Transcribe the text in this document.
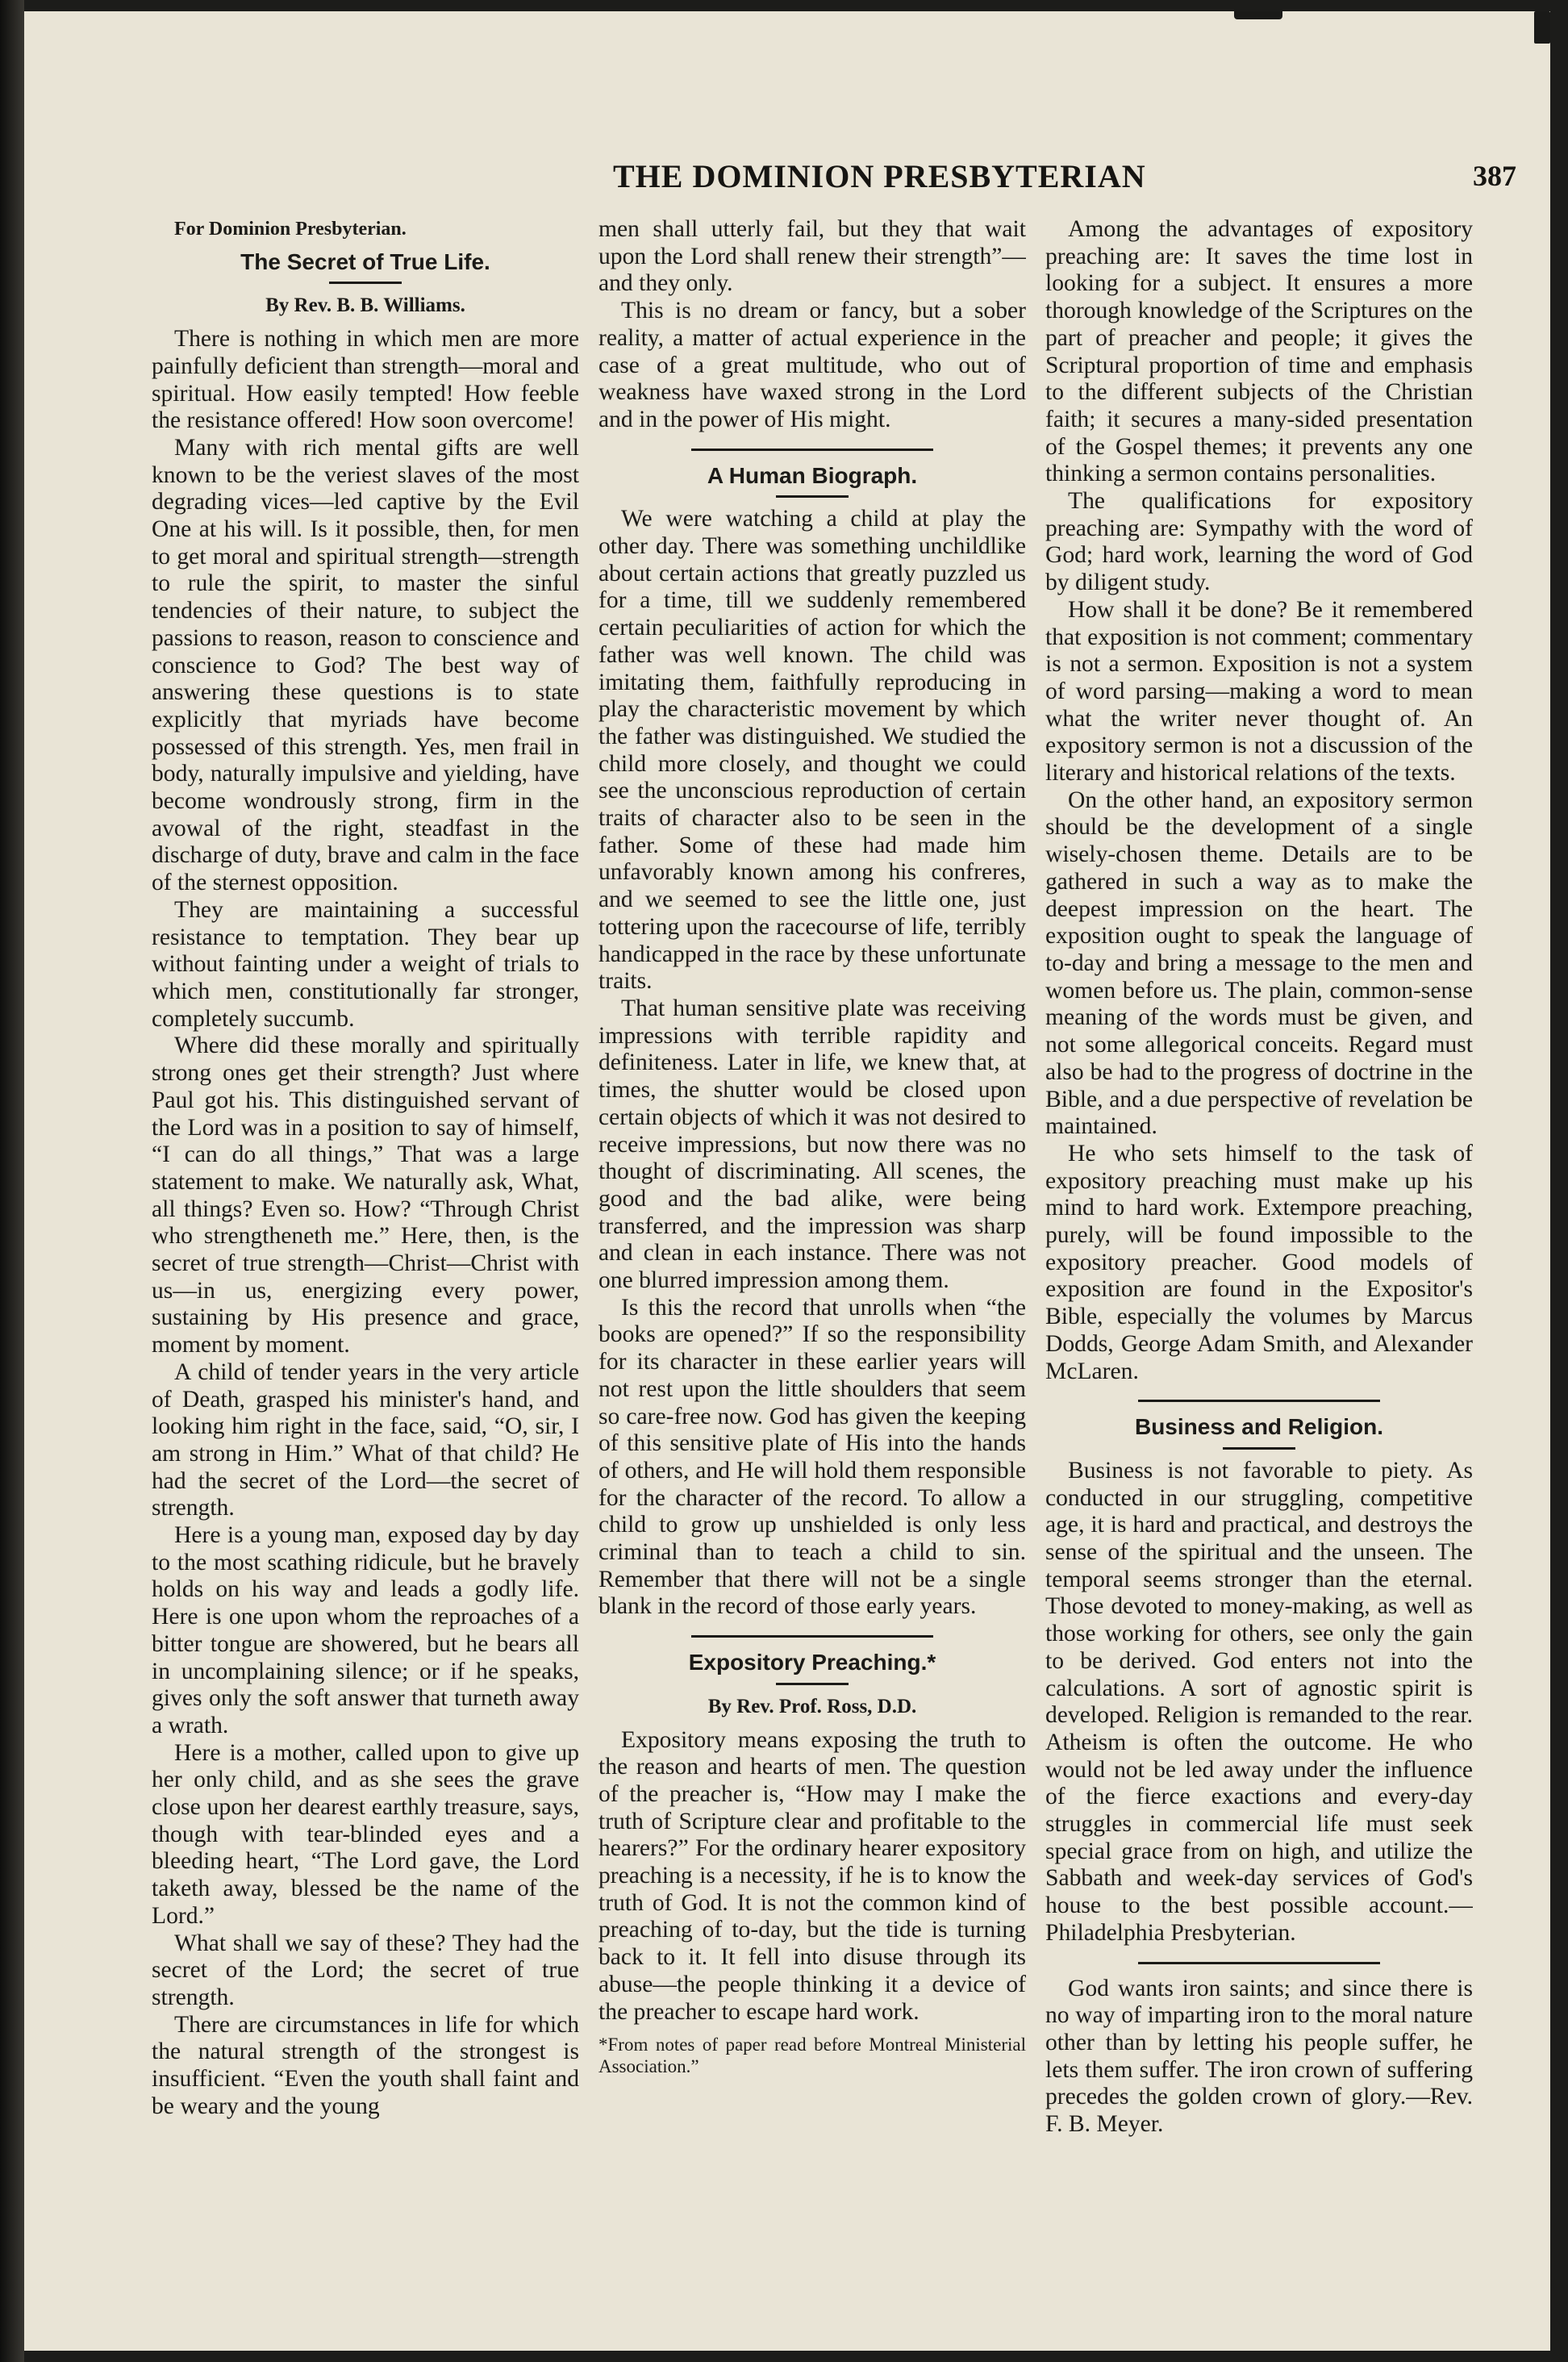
THE DOMINION PRESBYTERIAN	387

For Dominion Presbyterian.

The Secret of True Life.
By Rev. B. B. Williams.

There is nothing in which men are more painfully deficient than strength—moral and spiritual. How easily tempted! How feeble the resistance offered! How soon overcome!

Many with rich mental gifts are well known to be the veriest slaves of the most degrading vices—led captive by the Evil One at his will. Is it possible, then, for men to get moral and spiritual strength—strength to rule the spirit, to master the sinful tendencies of their nature, to subject the passions to reason, reason to conscience and conscience to God? The best way of answering these questions is to state explicitly that myriads have become possessed of this strength. Yes, men frail in body, naturally impulsive and yielding, have become wondrously strong, firm in the avowal of the right, steadfast in the discharge of duty, brave and calm in the face of the sternest opposition.

They are maintaining a successful resistance to temptation. They bear up without fainting under a weight of trials to which men, constitutionally far stronger, completely succumb.

Where did these morally and spiritually strong ones get their strength? Just where Paul got his. This distinguished servant of the Lord was in a position to say of himself, “I can do all things,” That was a large statement to make. We naturally ask, What, all things? Even so. How? “Through Christ who strengtheneth me.” Here, then, is the secret of true strength—Christ—Christ with us—in us, energizing every power, sustaining by His presence and grace, moment by moment.

A child of tender years in the very article of Death, grasped his minister's hand, and looking him right in the face, said, “O, sir, I am strong in Him.” What of that child? He had the secret of the Lord—the secret of strength.

Here is a young man, exposed day by day to the most scathing ridicule, but he bravely holds on his way and leads a godly life. Here is one upon whom the reproaches of a bitter tongue are showered, but he bears all in uncomplaining silence; or if he speaks, gives only the soft answer that turneth away a wrath.

Here is a mother, called upon to give up her only child, and as she sees the grave close upon her dearest earthly treasure, says, though with tear-blinded eyes and a bleeding heart, “The Lord gave, the Lord taketh away, blessed be the name of the Lord.”

What shall we say of these? They had the secret of the Lord; the secret of true strength.

There are circumstances in life for which the natural strength of the strongest is insufficient. “Even the youth shall faint and be weary and the young

men shall utterly fail, but they that wait upon the Lord shall renew their strength”—and they only.

This is no dream or fancy, but a sober reality, a matter of actual experience in the case of a great multitude, who out of weakness have waxed strong in the Lord and in the power of His might.

A Human Biograph.

We were watching a child at play the other day. There was something unchildlike about certain actions that greatly puzzled us for a time, till we suddenly remembered certain peculiarities of action for which the father was well known. The child was imitating them, faithfully reproducing in play the characteristic movement by which the father was distinguished. We studied the child more closely, and thought we could see the unconscious reproduction of certain traits of character also to be seen in the father. Some of these had made him unfavorably known among his confreres, and we seemed to see the little one, just tottering upon the racecourse of life, terribly handicapped in the race by these unfortunate traits.

That human sensitive plate was receiving impressions with terrible rapidity and definiteness. Later in life, we knew that, at times, the shutter would be closed upon certain objects of which it was not desired to receive impressions, but now there was no thought of discriminating. All scenes, the good and the bad alike, were being transferred, and the impression was sharp and clean in each instance. There was not one blurred impression among them.

Is this the record that unrolls when “the books are opened?” If so the responsibility for its character in these earlier years will not rest upon the little shoulders that seem so care-free now. God has given the keeping of this sensitive plate of His into the hands of others, and He will hold them responsible for the character of the record. To allow a child to grow up unshielded is only less criminal than to teach a child to sin. Remember that there will not be a single blank in the record of those early years.

Expository Preaching.*
By Rev. Prof. Ross, D.D.

Expository means exposing the truth to the reason and hearts of men. The question of the preacher is, “How may I make the truth of Scripture clear and profitable to the hearers?” For the ordinary hearer expository preaching is a necessity, if he is to know the truth of God. It is not the common kind of preaching of to-day, but the tide is turning back to it. It fell into disuse through its abuse—the people thinking it a device of the preacher to escape hard work.

*From notes of paper read before Montreal Ministerial Association.”

Among the advantages of expository preaching are: It saves the time lost in looking for a subject. It ensures a more thorough knowledge of the Scriptures on the part of preacher and people; it gives the Scriptural proportion of time and emphasis to the different subjects of the Christian faith; it secures a many-sided presentation of the Gospel themes; it prevents any one thinking a sermon contains personalities.

The qualifications for expository preaching are: Sympathy with the word of God; hard work, learning the word of God by diligent study.

How shall it be done? Be it remembered that exposition is not comment; commentary is not a sermon. Exposition is not a system of word parsing—making a word to mean what the writer never thought of. An expository sermon is not a discussion of the literary and historical relations of the texts.

On the other hand, an expository sermon should be the development of a single wisely-chosen theme. Details are to be gathered in such a way as to make the deepest impression on the heart. The exposition ought to speak the language of to-day and bring a message to the men and women before us. The plain, common-sense meaning of the words must be given, and not some allegorical conceits. Regard must also be had to the progress of doctrine in the Bible, and a due perspective of revelation be maintained.

He who sets himself to the task of expository preaching must make up his mind to hard work. Extempore preaching, purely, will be found impossible to the expository preacher. Good models of exposition are found in the Expositor's Bible, especially the volumes by Marcus Dodds, George Adam Smith, and Alexander McLaren.

Business and Religion.

Business is not favorable to piety. As conducted in our struggling, competitive age, it is hard and practical, and destroys the sense of the spiritual and the unseen. The temporal seems stronger than the eternal. Those devoted to money-making, as well as those working for others, see only the gain to be derived. God enters not into the calculations. A sort of agnostic spirit is developed. Religion is remanded to the rear. Atheism is often the outcome. He who would not be led away under the influence of the fierce exactions and every-day struggles in commercial life must seek special grace from on high, and utilize the Sabbath and week-day services of God's house to the best possible account.—Philadelphia Presbyterian.

God wants iron saints; and since there is no way of imparting iron to the moral nature other than by letting his people suffer, he lets them suffer. The iron crown of suffering precedes the golden crown of glory.—Rev. F. B. Meyer.
